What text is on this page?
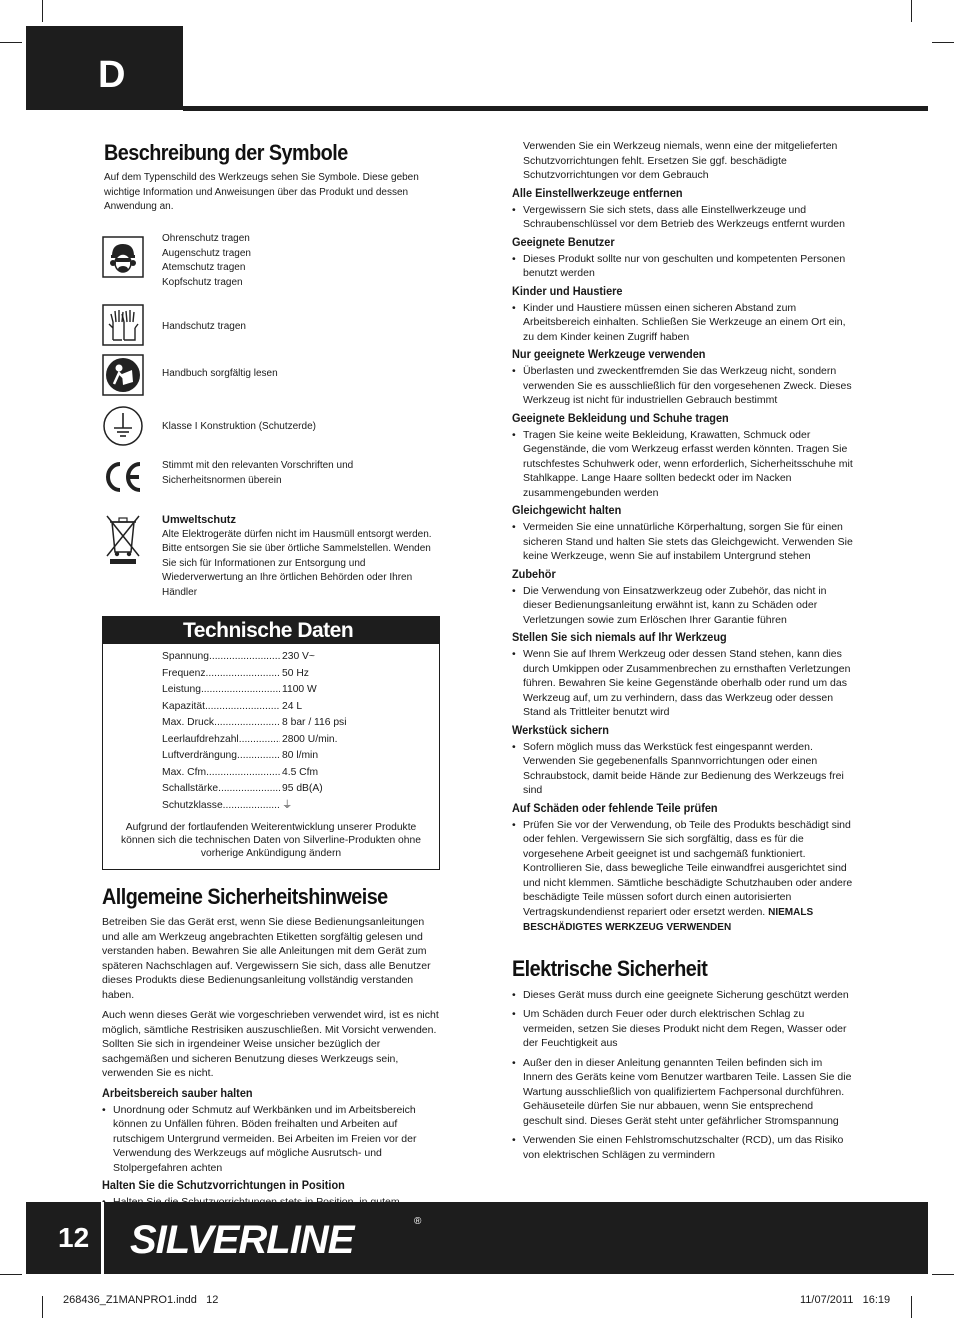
D
Beschreibung der Symbole

Auf dem Typenschild des Werkzeugs sehen Sie Symbole. Diese geben wichtige Information und Anweisungen über das Produkt und dessen Anwendung an.

Ohrenschutz tragen
Augenschutz tragen
Atemschutz tragen
Kopfschutz tragen
Handschutz tragen
Handbuch sorgfältig lesen
Klasse I Konstruktion (Schutzerde)
Stimmt mit den relevanten Vorschriften und
Sicherheitsnormen überein
Umweltschutz
Alte Elektrogeräte dürfen nicht im Hausmüll entsorgt werden. Bitte entsorgen Sie sie über örtliche Sammelstellen. Wenden Sie sich für Informationen zur Entsorgung und Wiederverwertung an Ihre örtlichen Behörden oder Ihren Händler
Technische Daten
Spannung .....	230 V~
Frequenz .....	50 Hz
Leistung .....	1100 W
Kapazität .....	24 L
Max. Druck .....	8 bar / 116 psi
Leerlaufdrehzahl .....	2800 U/min.
Luftverdrängung .....	80 l/min
Max. Cfm .....	4.5 Cfm
Schallstärke .....	95 dB(A)
Schutzklasse .....	⏚
Aufgrund der fortlaufenden Weiterentwicklung unserer Produkte können sich die technischen Daten von Silverline-Produkten ohne vorherige Ankündigung ändern
Allgemeine Sicherheitshinweise

Betreiben Sie das Gerät erst, wenn Sie diese Bedienungsanleitungen und alle am Werkzeug angebrachten Etiketten sorgfältig gelesen und verstanden haben. Bewahren Sie alle Anleitungen mit dem Gerät zum späteren Nachschlagen auf. Vergewissern Sie sich, dass alle Benutzer dieses Produkts diese Bedienungsanleitung vollständig verstanden haben.

Auch wenn dieses Gerät wie vorgeschrieben verwendet wird, ist es nicht möglich, sämtliche Restrisiken auszuschließen. Mit Vorsicht verwenden. Sollten Sie sich in irgendeiner Weise unsicher bezüglich der sachgemäßen und sicheren Benutzung dieses Werkzeugs sein, verwenden Sie es nicht.

Arbeitsbereich sauber halten
• Unordnung oder Schmutz auf Werkbänken und im Arbeitsbereich können zu Unfällen führen. Böden freihalten und Arbeiten auf rutschigem Untergrund vermeiden. Bei Arbeiten im Freien vor der Verwendung des Werkzeugs auf mögliche Ausrutsch- und Stolpergefahren achten
Halten Sie die Schutzvorrichtungen in Position
•
Verwenden Sie ein Werkzeug niemals, wenn eine der mitgelieferten Schutzvorrichtungen fehlt. Ersetzen Sie ggf. beschädigte Schutzvorrichtungen vor dem Gebrauch
Alle Einstellwerkzeuge entfernen
• Vergewissern Sie sich stets, dass alle Einstellwerkzeuge und Schraubenschlüssel vor dem Betrieb des Werkzeugs entfernt wurden
Geeignete Benutzer
• Dieses Produkt sollte nur von geschulten und kompetenten Personen benutzt werden
Kinder und Haustiere
• Kinder und Haustiere müssen einen sicheren Abstand zum Arbeitsbereich einhalten. Schließen Sie Werkzeuge an einem Ort ein, zu dem Kinder keinen Zugriff haben
Nur geeignete Werkzeuge verwenden
• Überlasten und zweckentfremden Sie das Werkzeug nicht, sondern verwenden Sie es ausschließlich für den vorgesehenen Zweck. Dieses Werkzeug ist nicht für industriellen Gebrauch bestimmt
Geeignete Bekleidung und Schuhe tragen
• Tragen Sie keine weite Bekleidung, Krawatten, Schmuck oder Gegenstände, die vom Werkzeug erfasst werden könnten. Tragen Sie rutschfestes Schuhwerk oder, wenn erforderlich, Sicherheitsschuhe mit Stahlkappe. Lange Haare sollten bedeckt oder im Nacken zusammengebunden werden
Gleichgewicht halten
• Vermeiden Sie eine unnatürliche Körperhaltung, sorgen Sie für einen sicheren Stand und halten Sie stets das Gleichgewicht. Verwenden Sie keine Werkzeuge, wenn Sie auf instabilem Untergrund stehen
Zubehör
• Die Verwendung von Einsatzwerkzeug oder Zubehör, das nicht in dieser Bedienungsanleitung erwähnt ist, kann zu Schäden oder Verletzungen sowie zum Erlöschen Ihrer Garantie führen
Stellen Sie sich niemals auf Ihr Werkzeug
• Wenn Sie auf Ihrem Werkzeug oder dessen Stand stehen, kann dies durch Umkippen oder Zusammenbrechen zu ernsthaften Verletzungen führen. Bewahren Sie keine Gegenstände oberhalb oder rund um das Werkzeug auf, um zu verhindern, dass das Werkzeug oder dessen Stand als Trittleiter benutzt wird
Werkstück sichern
• Sofern möglich muss das Werkstück fest eingespannt werden. Verwenden Sie gegebenenfalls Spannvorrichtungen oder einen Schraubstock, damit beide Hände zur Bedienung des Werkzeugs frei sind
Auf Schäden oder fehlende Teile prüfen
• Prüfen Sie vor der Verwendung, ob Teile des Produkts beschädigt sind oder fehlen. Vergewissern Sie sich sorgfältig, dass es für die vorgesehene Arbeit geeignet ist und sachgemäß funktioniert. Kontrollieren Sie, dass bewegliche Teile einwandfrei ausgerichtet sind und nicht klemmen. Sämtliche beschädigte Schutzhauben oder andere beschädigte Teile müssen sofort durch einen autorisierten Vertragskundendienst repariert oder ersetzt werden. NIEMALS BESCHÄDIGTES WERKZEUG VERWENDEN
Elektrische Sicherheit
• Dieses Gerät muss durch eine geeignete Sicherung geschützt werden
• Um Schäden durch Feuer oder durch elektrischen Schlag zu vermeiden, setzen Sie dieses Produkt nicht dem Regen, Wasser oder der Feuchtigkeit aus
• Außer den in dieser Anleitung genannten Teilen befinden sich im Innern des Geräts keine vom Benutzer wartbaren Teile. Lassen Sie die Wartung ausschließlich von qualifiziertem Fachpersonal durchführen. Gehäuseteile dürfen Sie nur abbauen, wenn Sie entsprechend geschult sind. Dieses Gerät steht unter gefährlicher Stromspannung
• Verwenden Sie einen Fehlstromschutzschalter (RCD), um das Risiko von elektrischen Schlägen zu vermindern
12 SILVERLINE	®
268436_Z1MANPRO1.indd   12	11/07/2011   16:19
